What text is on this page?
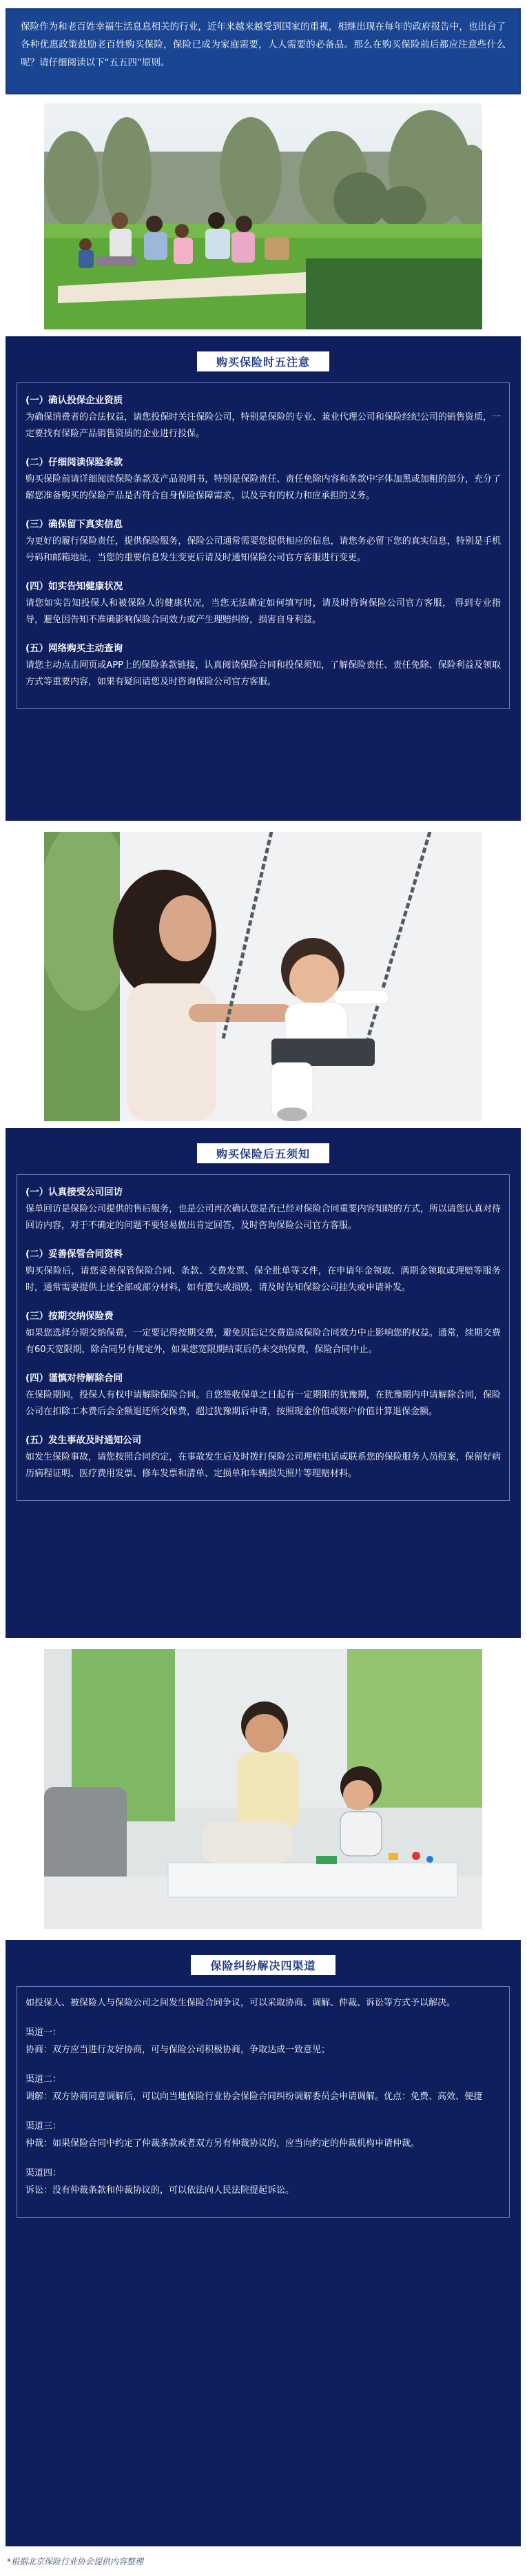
保险作为和老百姓幸福生活息息相关的行业，近年来越来越受到国家的重视，相继出现在每年的政府报告中，也出台了各种优惠政策鼓励老百姓购买保险，保险已成为家庭需要，人人需要的必备品。那么在购买保险前后都应注意些什么呢？请仔细阅读以下“五五四”原则。
购买保险时五注意
(一）确认投保企业资质
为确保消费者的合法权益，请您投保时关注保险公司，特别是保险的专业、兼业代理公司和保险经纪公司的销售资质，一定要找有保险产品销售资质的企业进行投保。
(二）仔细阅读保险条款
购买保险前请详细阅读保险条款及产品说明书，特别是保险责任、责任免除内容和条款中字体加黑或加粗的部分，充分了解您准备购买的保险产品是否符合自身保险保障需求，以及享有的权力和应承担的义务。
(三）确保留下真实信息
为更好的履行保险责任，提供保险服务，保险公司通常需要您提供相应的信息，请您务必留下您的真实信息，特别是手机号码和邮箱地址，当您的重要信息发生变更后请及时通知保险公司官方客服进行变更。
(四）如实告知健康状况
请您如实告知投保人和被保险人的健康状况，当您无法确定如何填写时，请及时咨询保险公司官方客服， 得到专业指导，避免因告知不准确影响保险合同效力或产生理赔纠纷，损害自身利益。
(五）网络购买主动查询
请您主动点击网页或APP上的保险条款链接，认真阅读保险合同和投保须知，了解保险责任、责任免除、保险利益及领取方式等重要内容，如果有疑问请您及时咨询保险公司官方客服。
购买保险后五须知
(一）认真接受公司回访
保单回访是保险公司提供的售后服务，也是公司再次确认您是否已经对保险合同重要内容知晓的方式，所以请您认真对待回访内容，对于不确定的问题不要轻易做出肯定回答，及时咨询保险公司官方客服。
(二）妥善保管合同资料
购买保险后，请您妥善保管保险合同、条款、交费发票、保全批单等文件，在申请年金领取、满期金领取或理赔等服务时，通常需要提供上述全部或部分材料，如有遗失或损毁，请及时告知保险公司挂失或申请补发。
(三）按期交纳保险费
如果您选择分期交纳保费，一定要记得按期交费，避免因忘记交费造成保险合同效力中止影响您的权益。通常，续期交费有60天宽限期，除合同另有规定外，如果您宽限期结束后仍未交纳保费，保险合同中止。
(四）谨慎对待解除合同
在保险期间，投保人有权申请解除保险合同。自您签收保单之日起有一定期限的犹豫期，在犹豫期内申请解除合同，保险公司在扣除工本费后会全额退还所交保费，超过犹豫期后申请，按照现金价值或账户价值计算退保金额。
(五）发生事故及时通知公司
如发生保险事故，请您按照合同约定，在事故发生后及时拨打保险公司理赔电话或联系您的保险服务人员报案，保留好病历病程证明、医疗费用发票、修车发票和清单、定损单和车辆损失照片等理赔材料。
保险纠纷解决四渠道
如投保人、被保险人与保险公司之间发生保险合同争议，可以采取协商、调解、仲裁、诉讼等方式予以解决。
渠道一：
协商：双方应当进行友好协商，可与保险公司积极协商，争取达成一致意见；
渠道二：
调解：双方协商同意调解后，可以向当地保险行业协会保险合同纠纷调解委员会申请调解。优点：免费、高效、便捷
渠道三：
仲裁：如果保险合同中约定了仲裁条款或者双方另有仲裁协议的，应当向约定的仲裁机构申请仲裁。
渠道四：
诉讼：没有仲裁条款和仲裁协议的，可以依法向人民法院提起诉讼。
*根据北京保险行业协会提供内容整理
